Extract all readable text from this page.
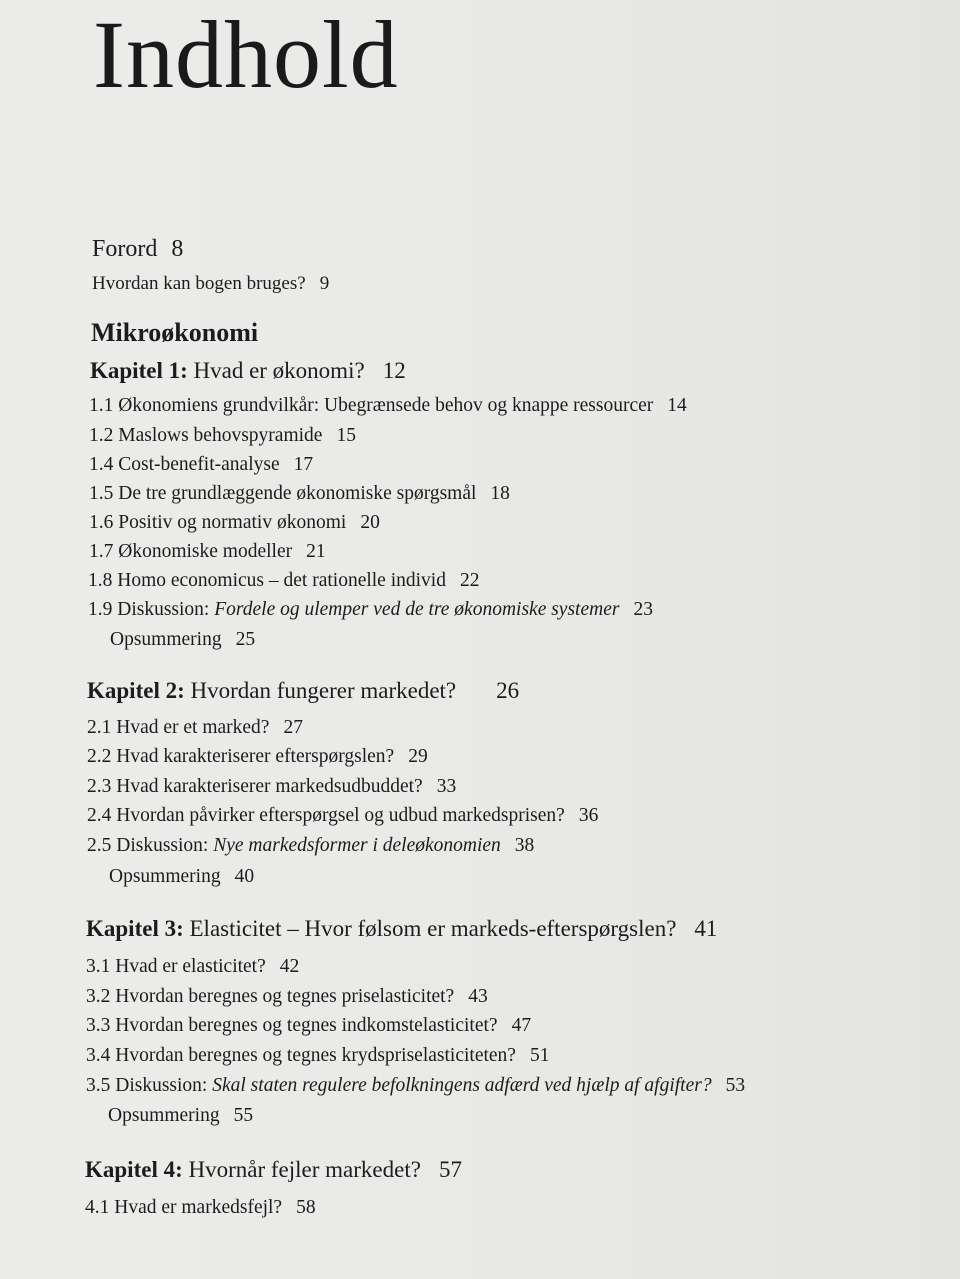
Indhold
Forord 8
Hvordan kan bogen bruges? 9
Mikroøkonomi
Kapitel 1: Hvad er økonomi? 12
1.1 Økonomiens grundvilkår: Ubegrænsede behov og knappe ressourcer 14
1.2 Maslows behovspyramide 15
1.4 Cost-benefit-analyse 17
1.5 De tre grundlæggende økonomiske spørgsmål 18
1.6 Positiv og normativ økonomi 20
1.7 Økonomiske modeller 21
1.8 Homo economicus – det rationelle individ 22
1.9 Diskussion: Fordele og ulemper ved de tre økonomiske systemer 23
Opsummering 25
Kapitel 2: Hvordan fungerer markedet? 26
2.1 Hvad er et marked? 27
2.2 Hvad karakteriserer efterspørgslen? 29
2.3 Hvad karakteriserer markedsudbuddet? 33
2.4 Hvordan påvirker efterspørgsel og udbud markedsprisen? 36
2.5 Diskussion: Nye markedsformer i deleøkonomien 38
Opsummering 40
Kapitel 3: Elasticitet – Hvor følsom er markeds-efterspørgslen? 41
3.1 Hvad er elasticitet? 42
3.2 Hvordan beregnes og tegnes priselasticitet? 43
3.3 Hvordan beregnes og tegnes indkomstelasticitet? 47
3.4 Hvordan beregnes og tegnes krydspriselasticiteten? 51
3.5 Diskussion: Skal staten regulere befolkningens adfærd ved hjælp af afgifter? 53
Opsummering 55
Kapitel 4: Hvornår fejler markedet? 57
4.1 Hvad er markedsfejl? 58
